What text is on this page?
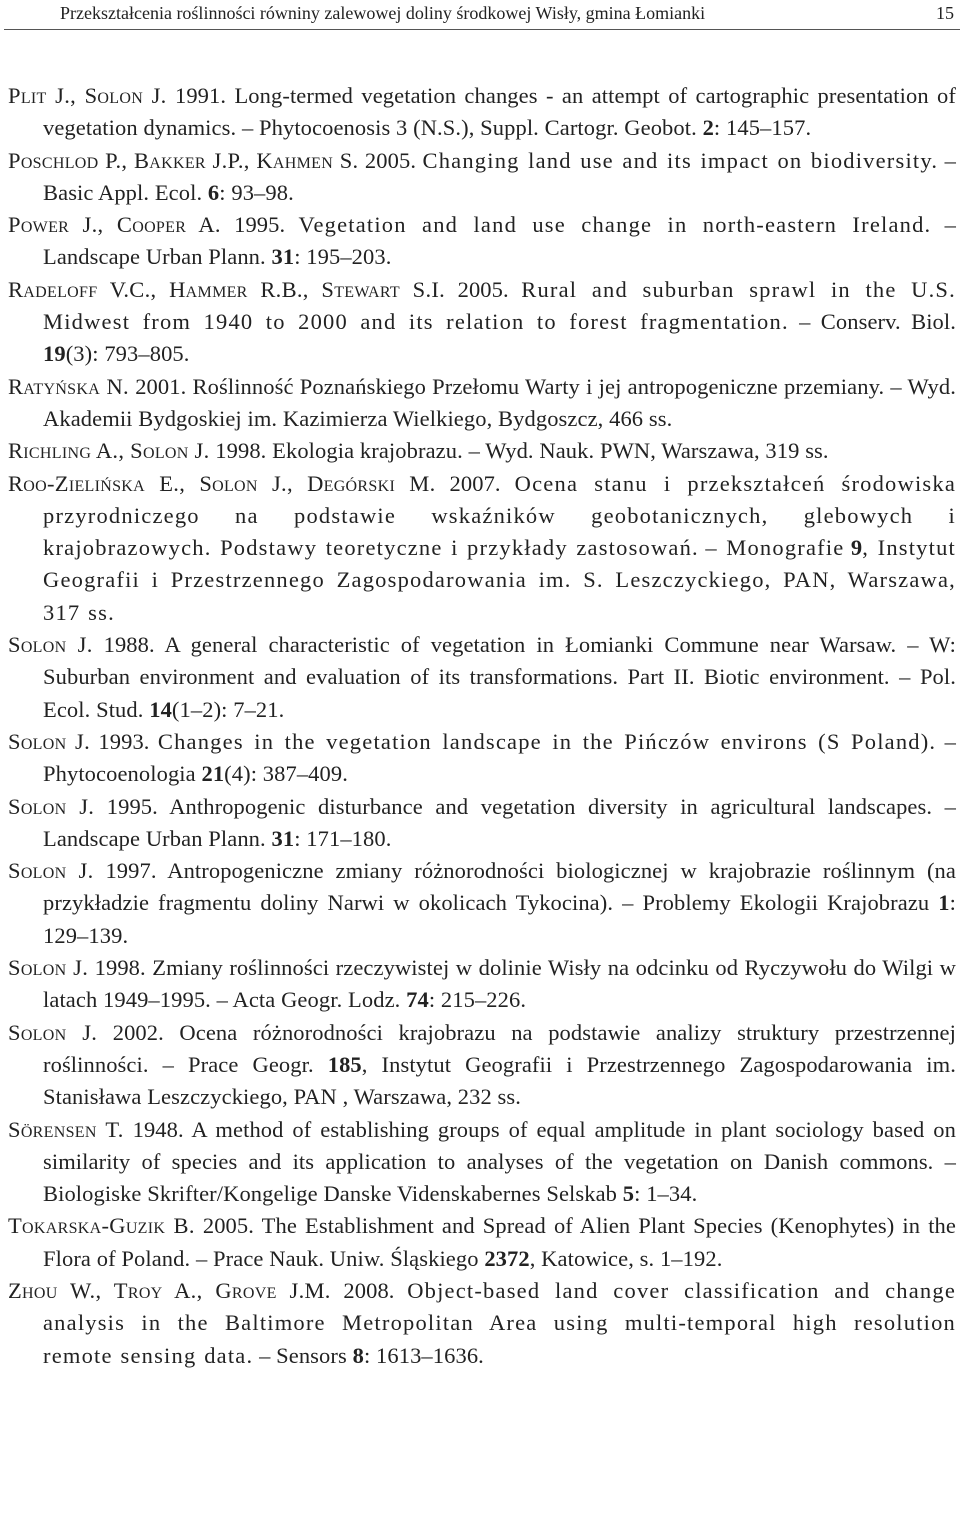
Przekształcenia roślinności równiny zalewowej doliny środkowej Wisły, gmina Łomianki	15
Plit J., Solon J. 1991. Long-termed vegetation changes - an attempt of cartographic presentation of vegetation dynamics. – Phytocoenosis 3 (N.S.), Suppl. Cartogr. Geobot. 2: 145–157.
Poschlod P., Bakker J.P., Kahmen S. 2005. Changing land use and its impact on biodiversity. – Basic Appl. Ecol. 6: 93–98.
Power J., Cooper A. 1995. Vegetation and land use change in north-eastern Ireland. – Landscape Urban Plann. 31: 195–203.
Radeloff V.C., Hammer R.B., Stewart S.I. 2005. Rural and suburban sprawl in the U.S. Midwest from 1940 to 2000 and its relation to forest fragmentation. – Conserv. Biol. 19(3): 793–805.
Ratyńska N. 2001. Roślinność Poznańskiego Przełomu Warty i jej antropogeniczne przemiany. – Wyd. Akademii Bydgoskiej im. Kazimierza Wielkiego, Bydgoszcz, 466 ss.
Richling A., Solon J. 1998. Ekologia krajobrazu. – Wyd. Nauk. PWN, Warszawa, 319 ss.
Roo-Zielińska E., Solon J., Degórski M. 2007. Ocena stanu i przekształceń środowiska przyrodniczego na podstawie wskaźników geobotanicznych, glebowych i krajobrazowych. Podstawy teoretyczne i przykłady zastosowań. – Monografie 9, Instytut Geografii i Przestrzennego Zagospodarowania im. S. Leszczyckiego, PAN, Warszawa, 317 ss.
Solon J. 1988. A general characteristic of vegetation in Łomianki Commune near Warsaw. – W: Suburban environment and evaluation of its transformations. Part II. Biotic environment. – Pol. Ecol. Stud. 14(1–2): 7–21.
Solon J. 1993. Changes in the vegetation landscape in the Pińczów environs (S Poland). – Phytocoenologia 21(4): 387–409.
Solon J. 1995. Anthropogenic disturbance and vegetation diversity in agricultural landscapes. – Landscape Urban Plann. 31: 171–180.
Solon J. 1997. Antropogeniczne zmiany różnorodności biologicznej w krajobrazie roślinnym (na przykładzie fragmentu doliny Narwi w okolicach Tykocina). – Problemy Ekologii Krajobrazu 1: 129–139.
Solon J. 1998. Zmiany roślinności rzeczywistej w dolinie Wisły na odcinku od Ryczywołu do Wilgi w latach 1949–1995. – Acta Geogr. Lodz. 74: 215–226.
Solon J. 2002. Ocena różnorodności krajobrazu na podstawie analizy struktury przestrzennej roślinności. – Prace Geogr. 185, Instytut Geografii i Przestrzennego Zagospodarowania im. Stanisława Leszczyckiego, PAN , Warszawa, 232 ss.
Sörensen T. 1948. A method of establishing groups of equal amplitude in plant sociology based on similarity of species and its application to analyses of the vegetation on Danish commons. – Biologiske Skrifter/Kongelige Danske Videnskabernes Selskab 5: 1–34.
Tokarska-Guzik B. 2005. The Establishment and Spread of Alien Plant Species (Kenophytes) in the Flora of Poland. – Prace Nauk. Uniw. Śląskiego 2372, Katowice, s. 1–192.
Zhou W., Troy A., Grove J.M. 2008. Object-based land cover classification and change analysis in the Baltimore Metropolitan Area using multi-temporal high resolution remote sensing data. – Sensors 8: 1613–1636.
